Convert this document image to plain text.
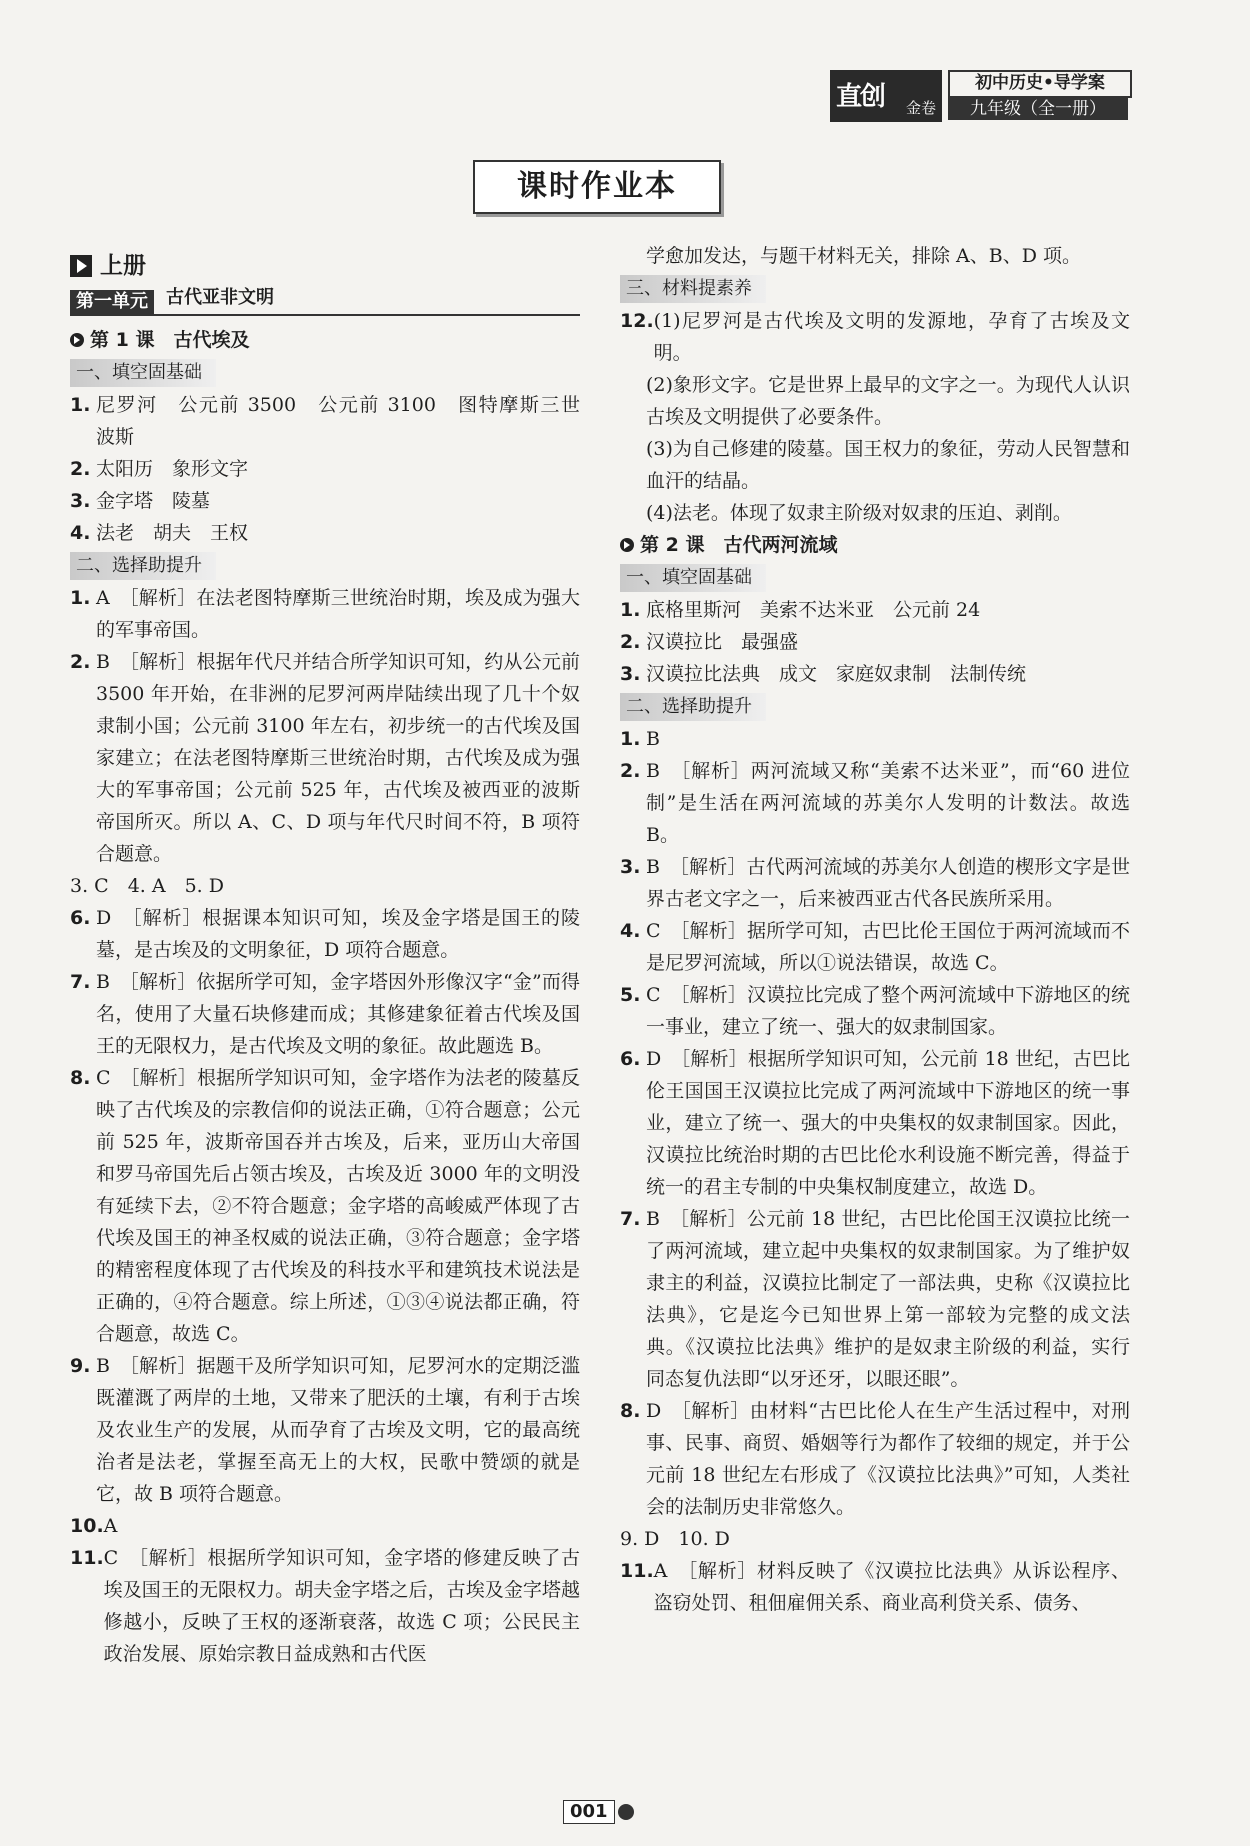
直创 金卷
初中历史•导学案
九年级（全一册）
课时作业本
上册
第一单元	古代亚非文明
第 1 课　古代埃及
一、填空固基础
1. 尼罗河　公元前 3500　公元前 3100　图特摩斯三世　波斯
2. 太阳历　象形文字
3. 金字塔　陵墓
4. 法老　胡夫　王权
二、选择助提升
1. A　［解析］在法老图特摩斯三世统治时期，埃及成为强大的军事帝国。
2. B　［解析］根据年代尺并结合所学知识可知，约从公元前 3500 年开始，在非洲的尼罗河两岸陆续出现了几十个奴隶制小国；公元前 3100 年左右，初步统一的古代埃及国家建立；在法老图特摩斯三世统治时期，古代埃及成为强大的军事帝国；公元前 525 年，古代埃及被西亚的波斯帝国所灭。所以 A、C、D 项与年代尺时间不符，B 项符合题意。
3. C　4. A　5. D
6. D　［解析］根据课本知识可知，埃及金字塔是国王的陵墓，是古埃及的文明象征，D 项符合题意。
7. B　［解析］依据所学可知，金字塔因外形像汉字“金”而得名，使用了大量石块修建而成；其修建象征着古代埃及国王的无限权力，是古代埃及文明的象征。故此题选 B。
8. C　［解析］根据所学知识可知，金字塔作为法老的陵墓反映了古代埃及的宗教信仰的说法正确，①符合题意；公元前 525 年，波斯帝国吞并古埃及，后来，亚历山大帝国和罗马帝国先后占领古埃及，古埃及近 3000 年的文明没有延续下去，②不符合题意；金字塔的高峻威严体现了古代埃及国王的神圣权威的说法正确，③符合题意；金字塔的精密程度体现了古代埃及的科技水平和建筑技术说法是正确的，④符合题意。综上所述，①③④说法都正确，符合题意，故选 C。
9. B　［解析］据题干及所学知识可知，尼罗河水的定期泛滥既灌溉了两岸的土地，又带来了肥沃的土壤，有利于古埃及农业生产的发展，从而孕育了古埃及文明，它的最高统治者是法老，掌握至高无上的大权，民歌中赞颂的就是它，故 B 项符合题意。
10. A
11. C　［解析］根据所学知识可知，金字塔的修建反映了古埃及国王的无限权力。胡夫金字塔之后，古埃及金字塔越修越小，反映了王权的逐渐衰落，故选 C 项；公民民主政治发展、原始宗教日益成熟和古代医
学愈加发达，与题干材料无关，排除 A、B、D 项。
三、材料提素养
12. (1)尼罗河是古代埃及文明的发源地，孕育了古埃及文明。
(2)象形文字。它是世界上最早的文字之一。为现代人认识古埃及文明提供了必要条件。
(3)为自己修建的陵墓。国王权力的象征，劳动人民智慧和血汗的结晶。
(4)法老。体现了奴隶主阶级对奴隶的压迫、剥削。
第 2 课　古代两河流域
一、填空固基础
1. 底格里斯河　美索不达米亚　公元前 24
2. 汉谟拉比　最强盛
3. 汉谟拉比法典　成文　家庭奴隶制　法制传统
二、选择助提升
1. B
2. B　［解析］两河流域又称“美索不达米亚”，而“60 进位制”是生活在两河流域的苏美尔人发明的计数法。故选 B。
3. B　［解析］古代两河流域的苏美尔人创造的楔形文字是世界古老文字之一，后来被西亚古代各民族所采用。
4. C　［解析］据所学可知，古巴比伦王国位于两河流域而不是尼罗河流域，所以①说法错误，故选 C。
5. C　［解析］汉谟拉比完成了整个两河流域中下游地区的统一事业，建立了统一、强大的奴隶制国家。
6. D　［解析］根据所学知识可知，公元前 18 世纪，古巴比伦王国国王汉谟拉比完成了两河流域中下游地区的统一事业，建立了统一、强大的中央集权的奴隶制国家。因此，汉谟拉比统治时期的古巴比伦水利设施不断完善，得益于统一的君主专制的中央集权制度建立，故选 D。
7. B　［解析］公元前 18 世纪，古巴比伦国王汉谟拉比统一了两河流域，建立起中央集权的奴隶制国家。为了维护奴隶主的利益，汉谟拉比制定了一部法典，史称《汉谟拉比法典》，它是迄今已知世界上第一部较为完整的成文法典。《汉谟拉比法典》维护的是奴隶主阶级的利益，实行同态复仇法即“以牙还牙，以眼还眼”。
8. D　［解析］由材料“古巴比伦人在生产生活过程中，对刑事、民事、商贸、婚姻等行为都作了较细的规定，并于公元前 18 世纪左右形成了《汉谟拉比法典》”可知，人类社会的法制历史非常悠久。
9. D　10. D
11. A　［解析］材料反映了《汉谟拉比法典》从诉讼程序、盗窃处罚、租佃雇佣关系、商业高利贷关系、债务、
001
